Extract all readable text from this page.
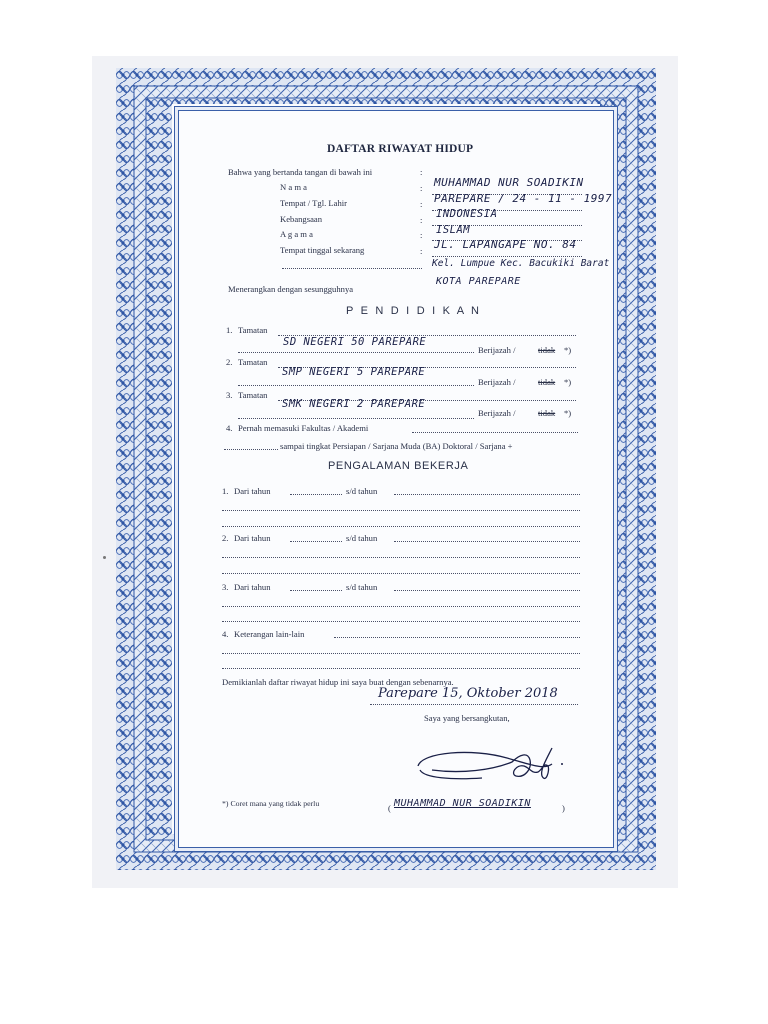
DAFTAR RIWAYAT HIDUP
Bahwa yang bertanda tangan di bawah ini	:
N a m a	: MUHAMMAD NUR SOADIKIN
Tempat / Tgl. Lahir	: PAREPARE / 24 - 11 - 1997
Kebangsaan	: INDONESIA
A g a m a	: ISLAM
Tempat tinggal sekarang	: JL. LAPANGAPE NO. 84
Kel. Lumpue Kec. Bacukiki Barat
KOTA PAREPARE
Menerangkan dengan sesungguhnya
P E N D I D I K A N
1. Tamatan
SD NEGERI 50 PAREPARE
Berijazah /	tidak *)
2. Tamatan
SMP NEGERI 5 PAREPARE
Berijazah /	tidak *)
3. Tamatan
SMK NEGERI 2 PAREPARE
Berijazah /	tidak *)
4. Pernah memasuki Fakultas / Akademi
sampai tingkat Persiapan / Sarjana Muda (BA) Doktoral / Sarjana +
PENGALAMAN BEKERJA
1. Dari tahun	s/d tahun
2. Dari tahun	s/d tahun
3. Dari tahun	s/d tahun
4. Keterangan lain-lain
Demikianlah daftar riwayat hidup ini saya buat dengan sebenarnya.
Parepare 15, Oktober 2018
Saya yang bersangkutan,
*) Coret mana yang tidak perlu	( MUHAMMAD NUR SOADIKIN	)
